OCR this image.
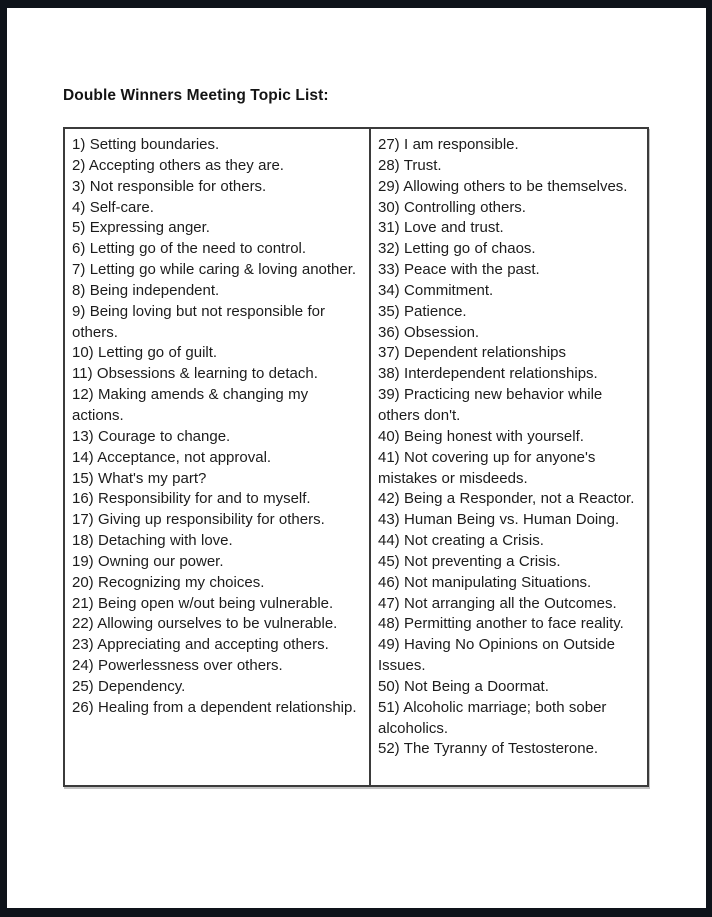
Double Winners Meeting Topic List:
1) Setting boundaries.
2) Accepting others as they are.
3) Not responsible for others.
4) Self-care.
5) Expressing anger.
6) Letting go of the need to control.
7) Letting go while caring & loving another.
8) Being independent.
9) Being loving but not responsible for others.
10) Letting go of guilt.
11) Obsessions & learning to detach.
12) Making amends & changing my actions.
13) Courage to change.
14) Acceptance, not approval.
15) What's my part?
16) Responsibility for and to myself.
17) Giving up responsibility for others.
18) Detaching with love.
19) Owning our power.
20) Recognizing my choices.
21) Being open w/out being vulnerable.
22) Allowing ourselves to be vulnerable.
23) Appreciating and accepting others.
24) Powerlessness over others.
25) Dependency.
26) Healing from a dependent relationship.
27) I am responsible.
28) Trust.
29) Allowing others to be themselves.
30) Controlling others.
31) Love and trust.
32) Letting go of chaos.
33) Peace with the past.
34) Commitment.
35) Patience.
36) Obsession.
37) Dependent relationships
38) Interdependent relationships.
39) Practicing new behavior while others don't.
40) Being honest with yourself.
41) Not covering up for anyone's mistakes or misdeeds.
42) Being a Responder, not a Reactor.
43) Human Being vs. Human Doing.
44) Not creating a Crisis.
45) Not preventing a Crisis.
46) Not manipulating Situations.
47) Not arranging all the Outcomes.
48) Permitting another to face reality.
49) Having No Opinions on Outside Issues.
50) Not Being a Doormat.
51) Alcoholic marriage; both sober alcoholics.
52) The Tyranny of Testosterone.
